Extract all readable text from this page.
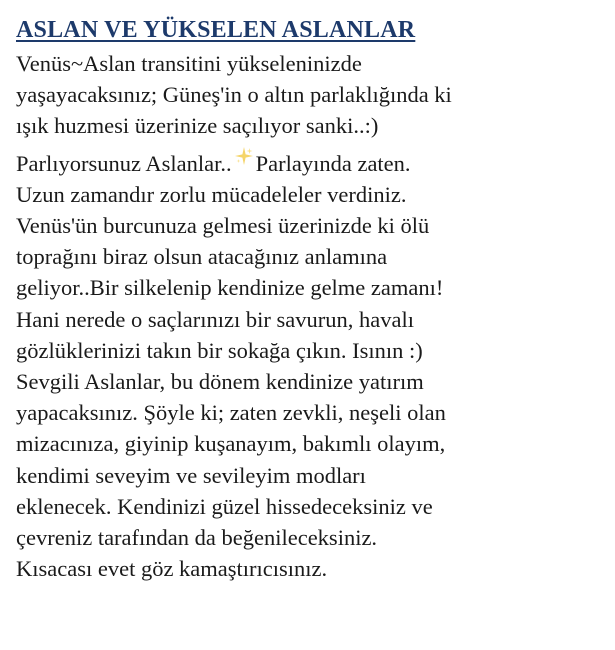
ASLAN VE YÜKSELEN ASLANLAR
Venüs~Aslan transitini yükseleninizde
yaşayacaksınız; Güneş'in o altın parlaklığında ki
ışık huzmesi üzerinize saçılıyor sanki..:)
Parlıyorsunuz Aslanlar.. Parlayında zaten.
Uzun zamandır zorlu mücadeleler verdiniz.
Venüs'ün burcunuza gelmesi üzerinizde ki ölü
toprağını biraz olsun atacağınız anlamına
geliyor..Bir silkelenip kendinize gelme zamanı!
Hani nerede o saçlarınızı bir savurun, havalı
gözlüklerinizi takın bir sokağa çıkın. Isının :)
Sevgili Aslanlar, bu dönem kendinize yatırım
yapacaksınız. Şöyle ki; zaten zevkli, neşeli olan
mizacınıza, giyinip kuşanayım, bakımlı olayım,
kendimi seveyim ve sevileyim modları
eklenecek. Kendinizi güzel hissedeceksiniz ve
çevreniz tarafından da beğenileceksiniz.
Kısacası evet göz kamaştırıcısınız.
